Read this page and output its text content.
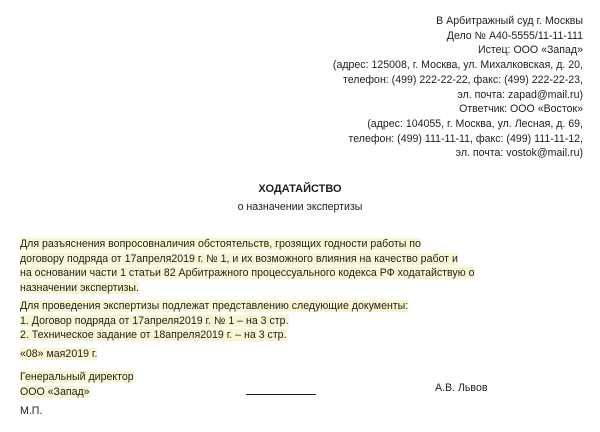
В Арбитражный суд г. Москвы
Дело № А40-5555/11-11-111
Истец: ООО «Запад»
(адрес: 125008, г. Москва, ул. Михалковская, д. 20,
телефон: (499) 222-22-22, факс: (499) 222-22-23,
эл. почта: zapad@mail.ru)
Ответчик: ООО «Восток»
(адрес: 104055, г. Москва, ул. Лесная, д. 69,
телефон: (499) 111-11-11, факс: (499) 111-11-12,
эл. почта: vostok@mail.ru)
ХОДАТАЙСТВО
о назначении экспертизы
Для разъяснения вопросовналичия обстоятельств, грозящих годности работы по
договору подряда от 17апреля2019 г. № 1, и их возможного влияния на качество работ и
на основании части 1 статьи 82 Арбитражного процессуального кодекса РФ ходатайствую о
назначении экспертизы.
Для проведения экспертизы подлежат представлению следующие документы:
1. Договор подряда от 17апреля2019 г. № 1 – на 3 стр.
2. Техническое задание от 18апреля2019 г. – на 3 стр.
«08» мая2019 г.
Генеральный директор
ООО «Запад»	А.В. Львов
М.П.
